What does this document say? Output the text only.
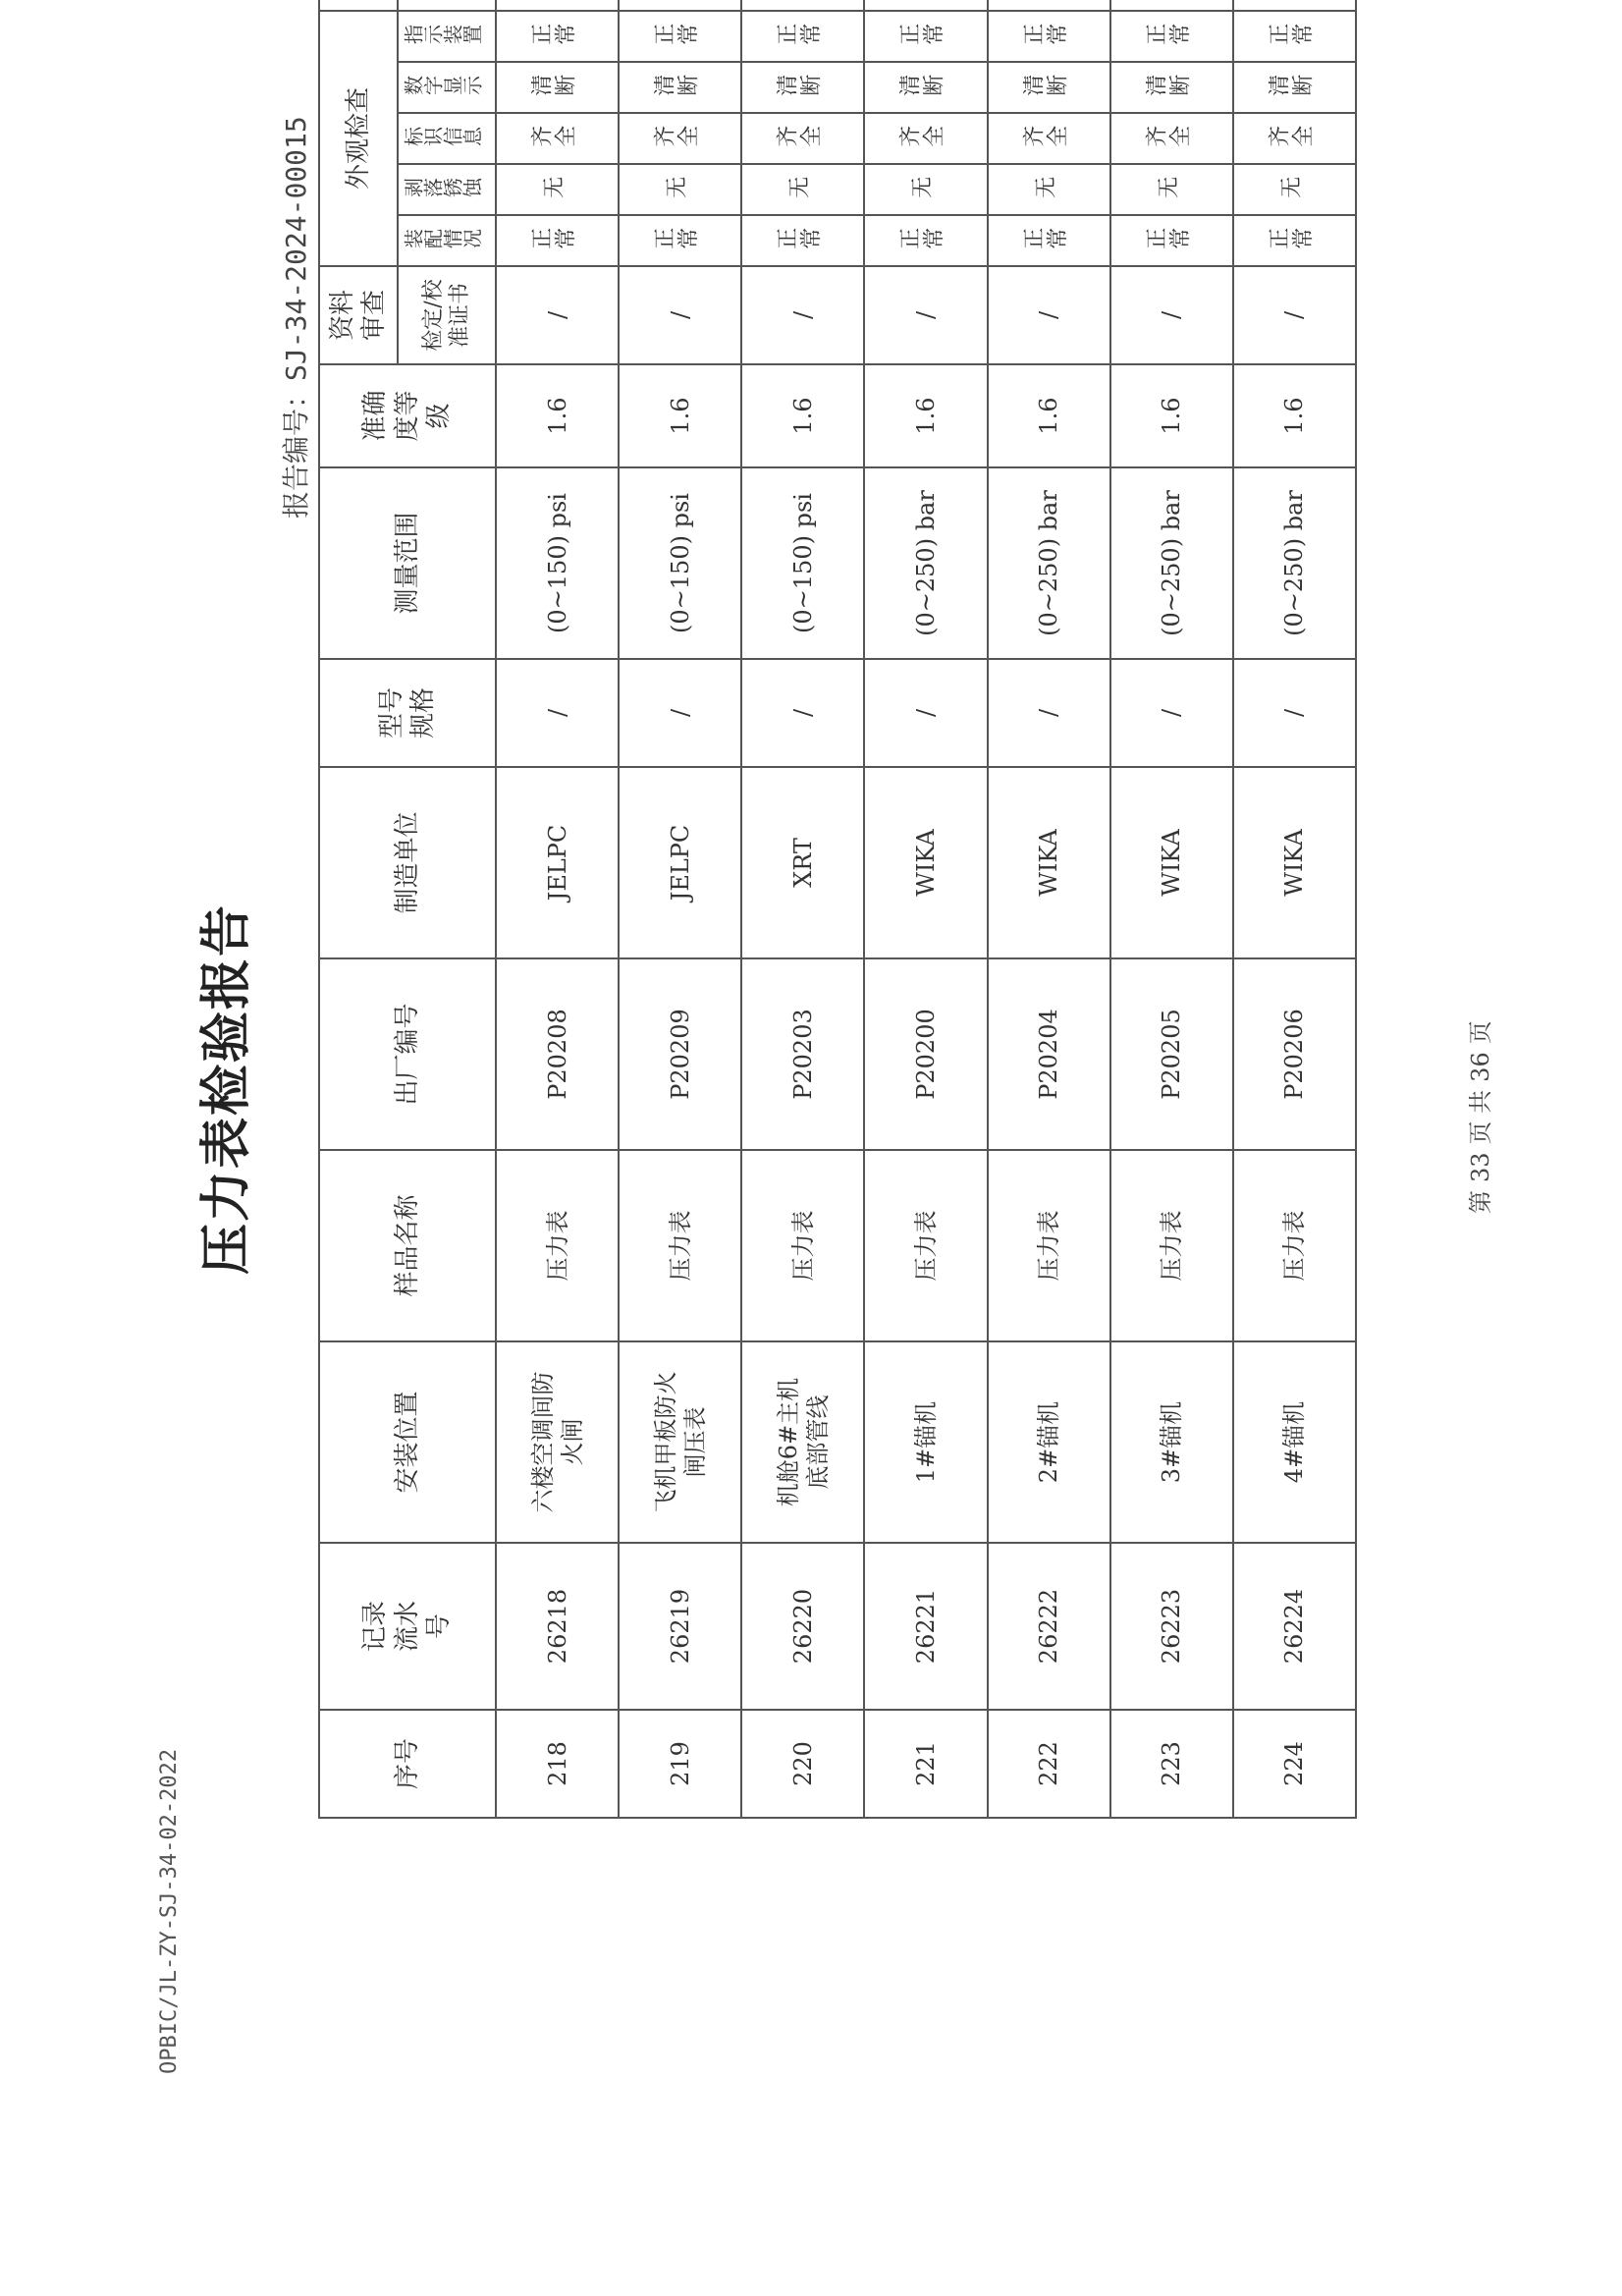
OPBIC/JL-ZY-SJ-34-02-2022
压力表检验报告
报告编号：SJ-34-2024-00015
序号	记录流水号	安装位置	样品名称	出厂编号	制造单位	型号规格	测量范围	准确度等级	资料审查	外观检查	

									检定/校准证书	装配情况	剥落锈蚀	标识信息	数字显示	指示装置		
218	26218	六楼空调间防火闸	压力表	P20208	JELPC	/	(0~150) psi	1.6	/	正常	无	齐全	清断	正常				
219	26219	飞机甲板防火闸压表	压力表	P20209	JELPC	/	(0~150) psi	1.6	/	正常	无	齐全	清断	正常				
220	26220	机舱6#主机底部管线	压力表	P20203	XRT	/	(0~150) psi	1.6	/	正常	无	齐全	清断	正常				
221	26221	1#锚机	压力表	P20200	WIKA	/	(0~250) bar	1.6	/	正常	无	齐全	清断	正常				
222	26222	2#锚机	压力表	P20204	WIKA	/	(0~250) bar	1.6	/	正常	无	齐全	清断	正常				
223	26223	3#锚机	压力表	P20205	WIKA	/	(0~250) bar	1.6	/	正常	无	齐全	清断	正常				
224	26224	4#锚机	压力表	P20206	WIKA	/	(0~250) bar	1.6	/	正常	无	齐全	清断	正常				
第33页 共36页
